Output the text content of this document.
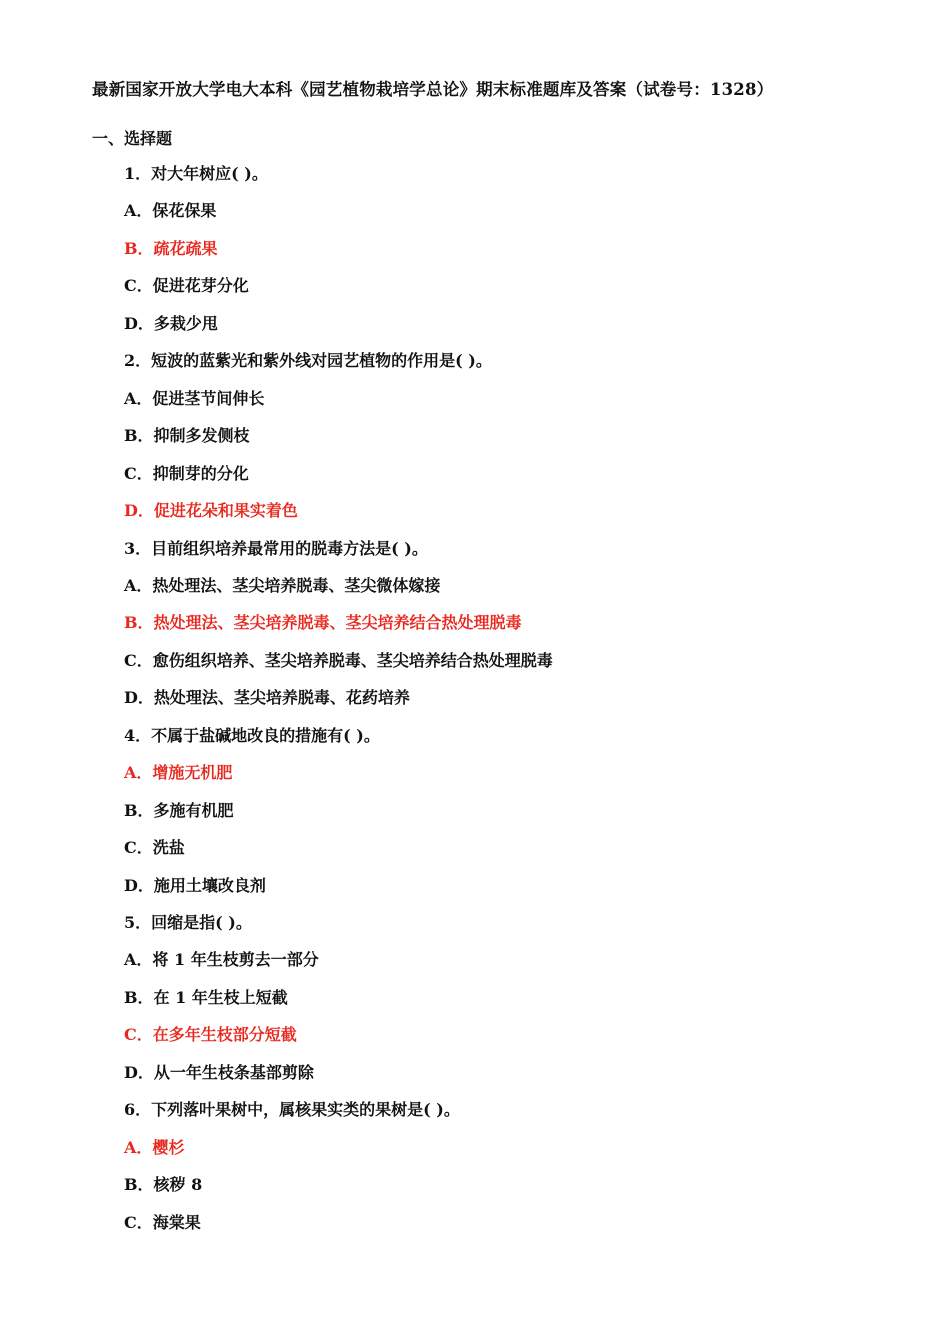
最新国家开放大学电大本科《园艺植物栽培学总论》期末标准题库及答案（试卷号：1328）
一、选择题
1．对大年树应( )。
A．保花保果
B．疏花疏果
C．促进花芽分化
D．多栽少甩
2．短波的蓝紫光和紫外线对园艺植物的作用是( )。
A．促进茎节间伸长
B．抑制多发侧枝
C．抑制芽的分化
D．促进花朵和果实着色
3．目前组织培养最常用的脱毒方法是( )。
A．热处理法、茎尖培养脱毒、茎尖微体嫁接
B．热处理法、茎尖培养脱毒、茎尖培养结合热处理脱毒
C．愈伤组织培养、茎尖培养脱毒、茎尖培养结合热处理脱毒
D．热处理法、茎尖培养脱毒、花药培养
4．不属于盐碱地改良的措施有( )。
A．增施无机肥
B．多施有机肥
C．洗盐
D．施用土壤改良剂
5．回缩是指( )。
A．将 1 年生枝剪去一部分
B．在 1 年生枝上短截
C．在多年生枝部分短截
D．从一年生枝条基部剪除
6．下列落叶果树中，属核果实类的果树是( )。
A．樱杉
B．核秽 8
C．海棠果
